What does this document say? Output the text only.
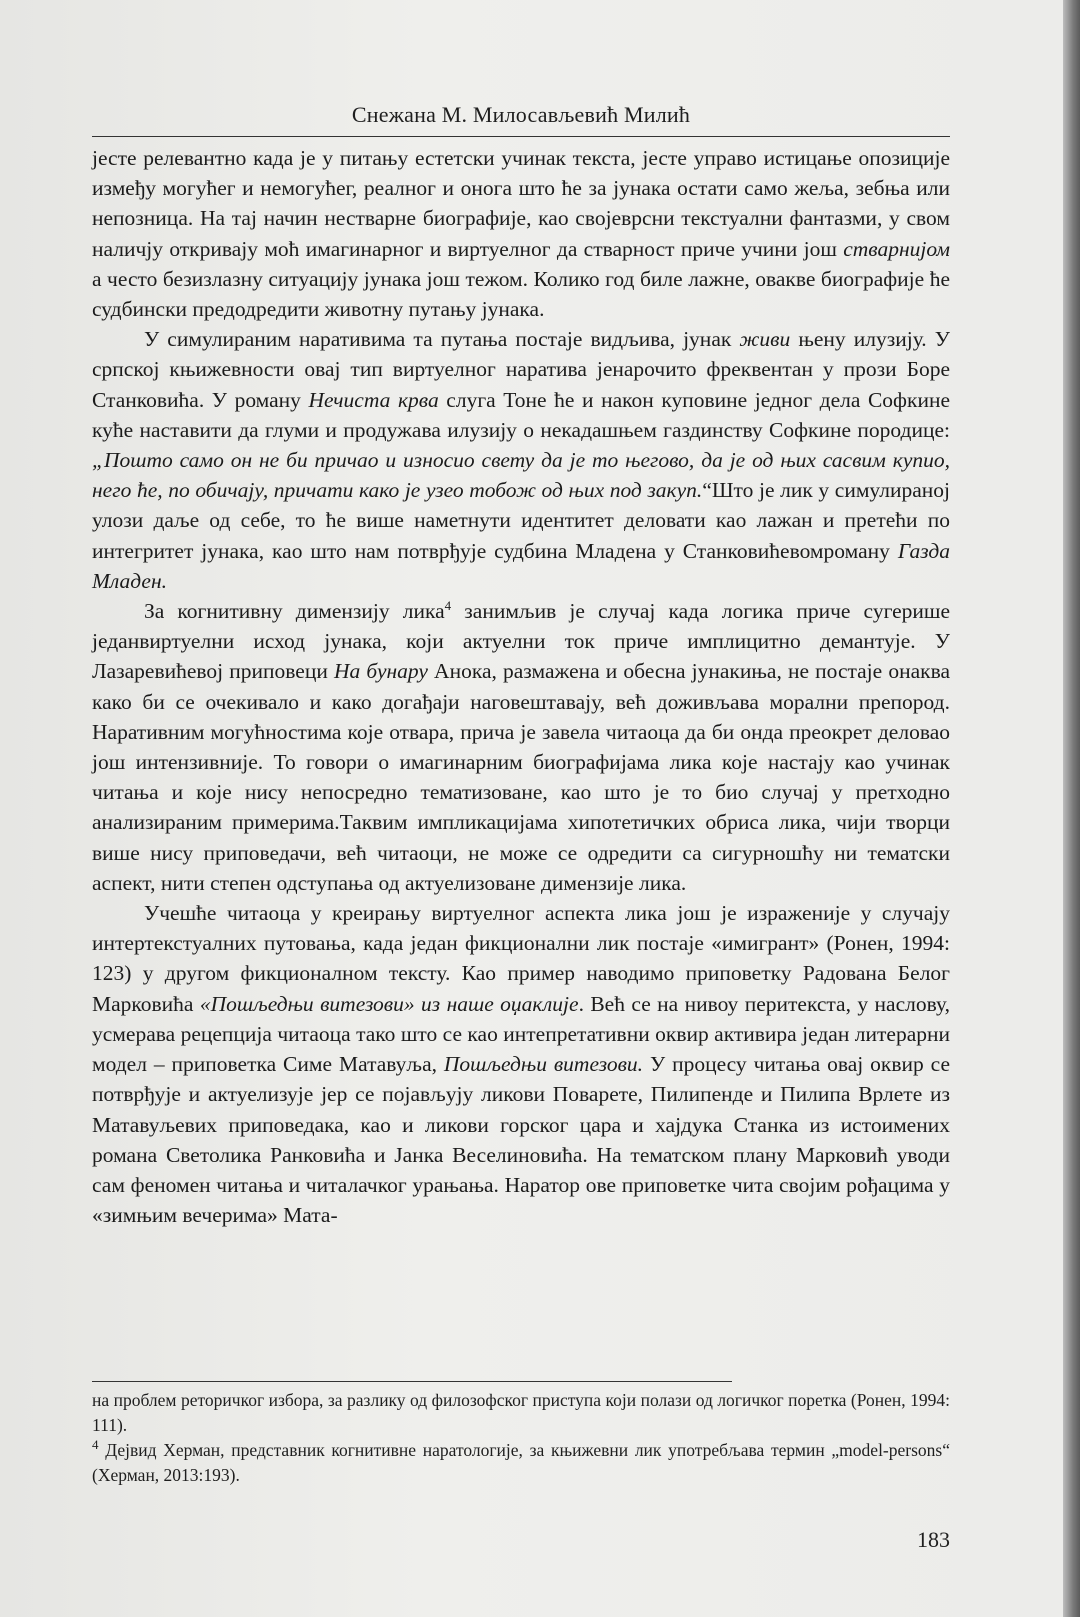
Снежана М. Милосављевић Милић

јесте релевантно када је у питању естетски учинак текста, јесте управо истицање опозиције између могућег и немогућег, реалног и онога што ће за јунака остати само жеља, зебња или непозница. На тај начин нестварне биографије, као својеврсни текстуални фантазми, у свом наличју откривају моћ имагинарног и виртуелног да стварност приче учини још стварнијом а често безизлазну ситуацију јунака још тежом. Колико год биле лажне, овакве биографије ће судбински предодредити животну путању јунака.

У симулираним наративима та путања постаје видљива, јунак живи њену илузију. У српској књижевности овај тип виртуелног наратива јенарочито фреквентан у прози Боре Станковића. У роману Нечиста крва слуга Тоне ће и након куповине једног дела Софкине куће наставити да глуми и продужава илузију о некадашњем газдинству Софкине породице: „Пошто само он не би причао и износио свету да је то његово, да је од њих сасвим купио, него ће, по обичају, причати како је узео тобож од њих под закуп.“Што је лик у симулираној улози даље од себе, то ће више наметнути идентитет деловати као лажан и претећи по интегритет јунака, као што нам потврђује судбина Младена у Станковићевомроману Газда Младен.

За когнитивну димензију лика$^4$ занимљив је случај када логика приче сугерише једанвиртуелни исход јунака, који актуелни ток приче имплицитно демантује. У Лазаревићевој приповеци На бунару Анока, размажена и обесна јунакиња, не постаје онаква како би се очекивало и како догађаји наговештавају, већ доживљава морални препород. Наративним могућностима које отвара, прича је завела читаоца да би онда преокрет деловао још интензивније. То говори о имагинарним биографијама лика које настају као учинак читања и које нису непосредно тематизоване, као што је то био случај у претходно анализираним примерима.Таквим импликацијама хипотетичких обриса лика, чији творци више нису приповедачи, већ читаоци, не може се одредити са сигурношћу ни тематски аспект, нити степен одступања од актуелизоване димензије лика.

Учешће читаоца у креирању виртуелног аспекта лика још је израженије у случају интертекстуалних путовања, када један фикционални лик постаје «имигрант» (Ронен, 1994: 123) у другом фикционалном тексту. Као пример наводимо приповетку Радована Белог Марковића «Пошљедњи витезови» из наше оџаклије. Већ се на нивоу перитекста, у наслову, усмерава рецепција читаоца тако што се као интепретативни оквир активира један литерарни модел – приповетка Симе Матавуља, Пошљедњи витезови. У процесу читања овај оквир се потврђује и актуелизује јер се појављују ликови Поварете, Пилипенде и Пилипа Врлете из Матавуљевих приповедака, као и ликови горског цара и хајдука Станка из истоимених романа Светолика Ранковића и Јанка Веселиновића. На тематском плану Марковић уводи сам феномен читања и читалачког урањања. Наратор ове приповетке чита својим рођацима у «зимњим вечерима» Мата-

на проблем реторичког избора, за разлику од филозофског приступа који полази од логичког поретка (Ронен, 1994: 111).

$^4$ Дејвид Херман, представник когнитивне наратологије, за књижевни лик употребљава термин „model-persons“ (Херман, 2013:193).

183
